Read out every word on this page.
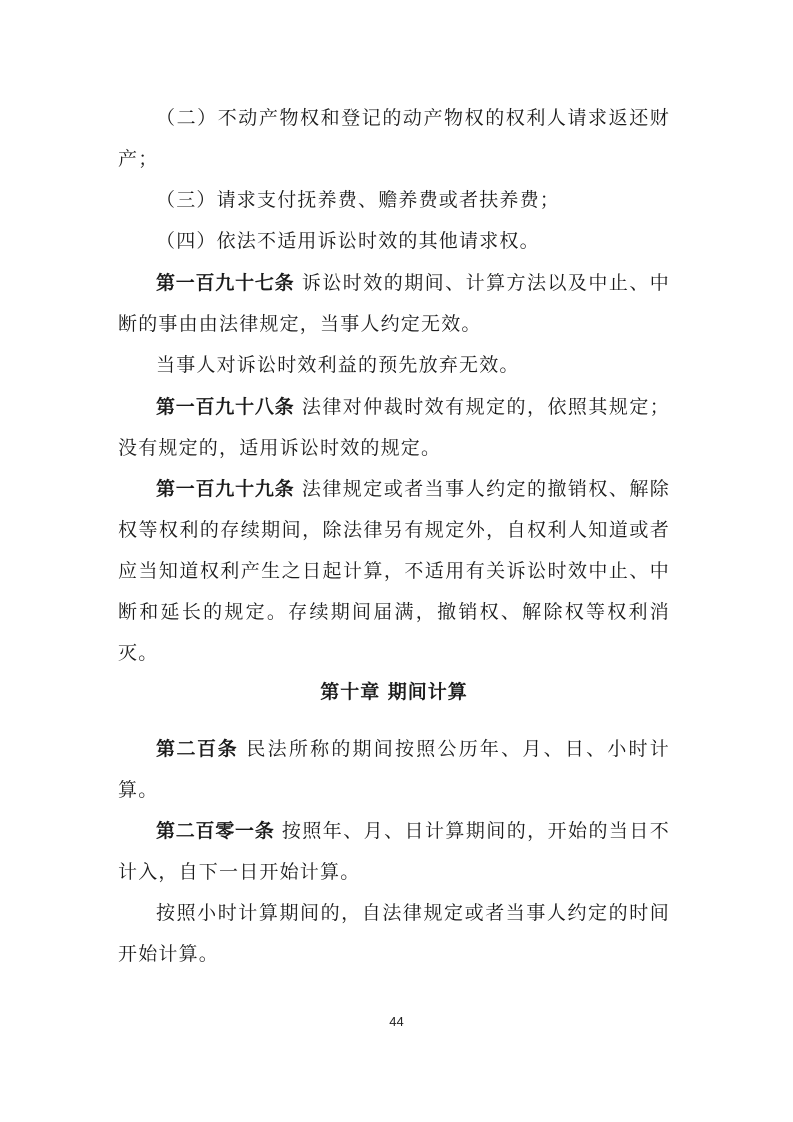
（二）不动产物权和登记的动产物权的权利人请求返还财产；

（三）请求支付抚养费、赡养费或者扶养费；

（四）依法不适用诉讼时效的其他请求权。

第一百九十七条 诉讼时效的期间、计算方法以及中止、中断的事由由法律规定，当事人约定无效。

当事人对诉讼时效利益的预先放弃无效。

第一百九十八条 法律对仲裁时效有规定的，依照其规定；没有规定的，适用诉讼时效的规定。

第一百九十九条 法律规定或者当事人约定的撤销权、解除权等权利的存续期间，除法律另有规定外，自权利人知道或者应当知道权利产生之日起计算，不适用有关诉讼时效中止、中断和延长的规定。存续期间届满，撤销权、解除权等权利消灭。

第十章 期间计算

第二百条 民法所称的期间按照公历年、月、日、小时计算。

第二百零一条 按照年、月、日计算期间的，开始的当日不计入，自下一日开始计算。

按照小时计算期间的，自法律规定或者当事人约定的时间开始计算。

44
